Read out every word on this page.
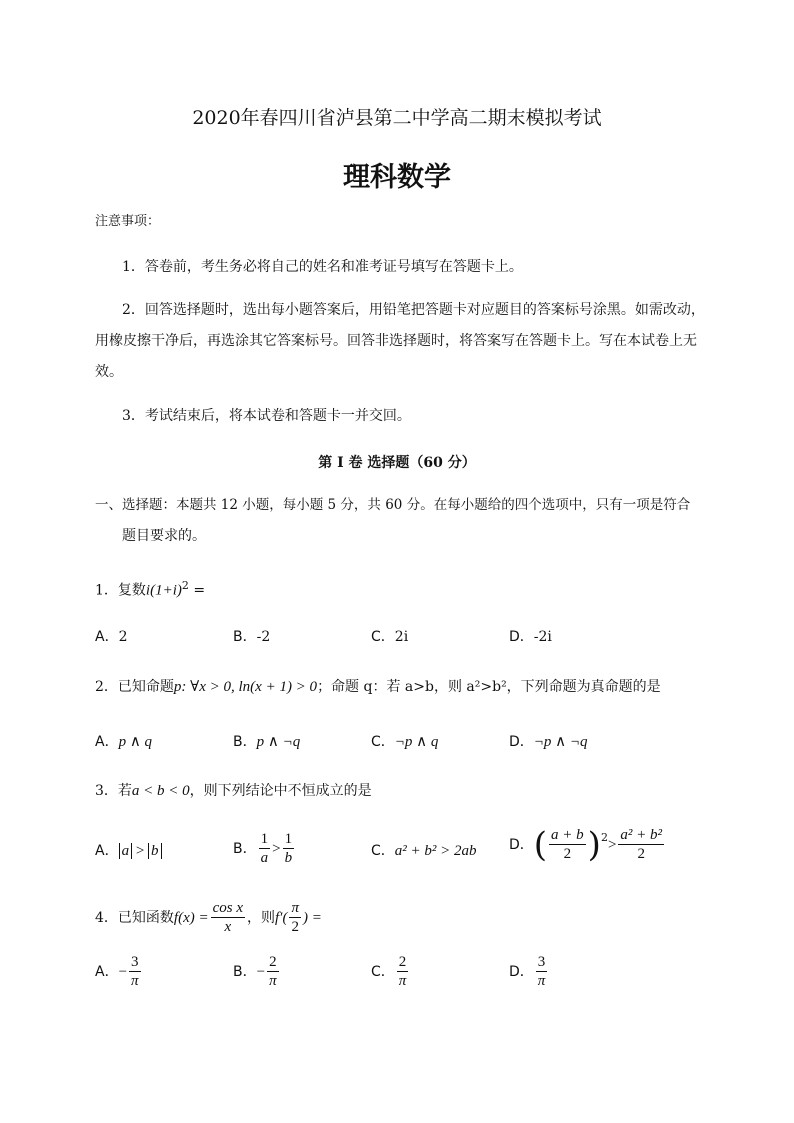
2020年春四川省泸县第二中学高二期末模拟考试
理科数学
注意事项：
1．答卷前，考生务必将自己的姓名和准考证号填写在答题卡上。
2．回答选择题时，选出每小题答案后，用铅笔把答题卡对应题目的答案标号涂黑。如需改动，
用橡皮擦干净后，再选涂其它答案标号。回答非选择题时，将答案写在答题卡上。写在本试卷上无
效。
3．考试结束后，将本试卷和答题卡一并交回。
第 I 卷 选择题（60 分）
一、选择题：本题共 12 小题，每小题 5 分，共 60 分。在每小题给的四个选项中，只有一项是符合
题目要求的。
1．复数$i(1+i)^2$ =
A．2	B．-2	C．2i	D．-2i
2．已知命题p: ∀x > 0, ln(x + 1) > 0；命题 q：若 a>b，则 a²>b²，下列命题为真命题的是
A．p ∧ q	B．p ∧ ¬q	C．¬p ∧ q	D．¬p ∧ ¬q
3．若a < b < 0，则下列结论中不恒成立的是
A． a > b	B． $\frac{1}{a} > \frac{1}{b}$	C．a² + b² > 2ab D． ( $\frac{a + b}{2} )^2 > \frac{\text{a² + b²}}{2}$
4．已知函数 $f(x) = \frac{\text{cos x}}{x}$ ，则 $f'( \frac{\pi}{2}$ ) =
A． − $\frac{3}{\pi}$	B． − $\frac{2}{\pi}$	C． $\frac{2}{\pi}$	D． $\frac{3}{\pi}$
